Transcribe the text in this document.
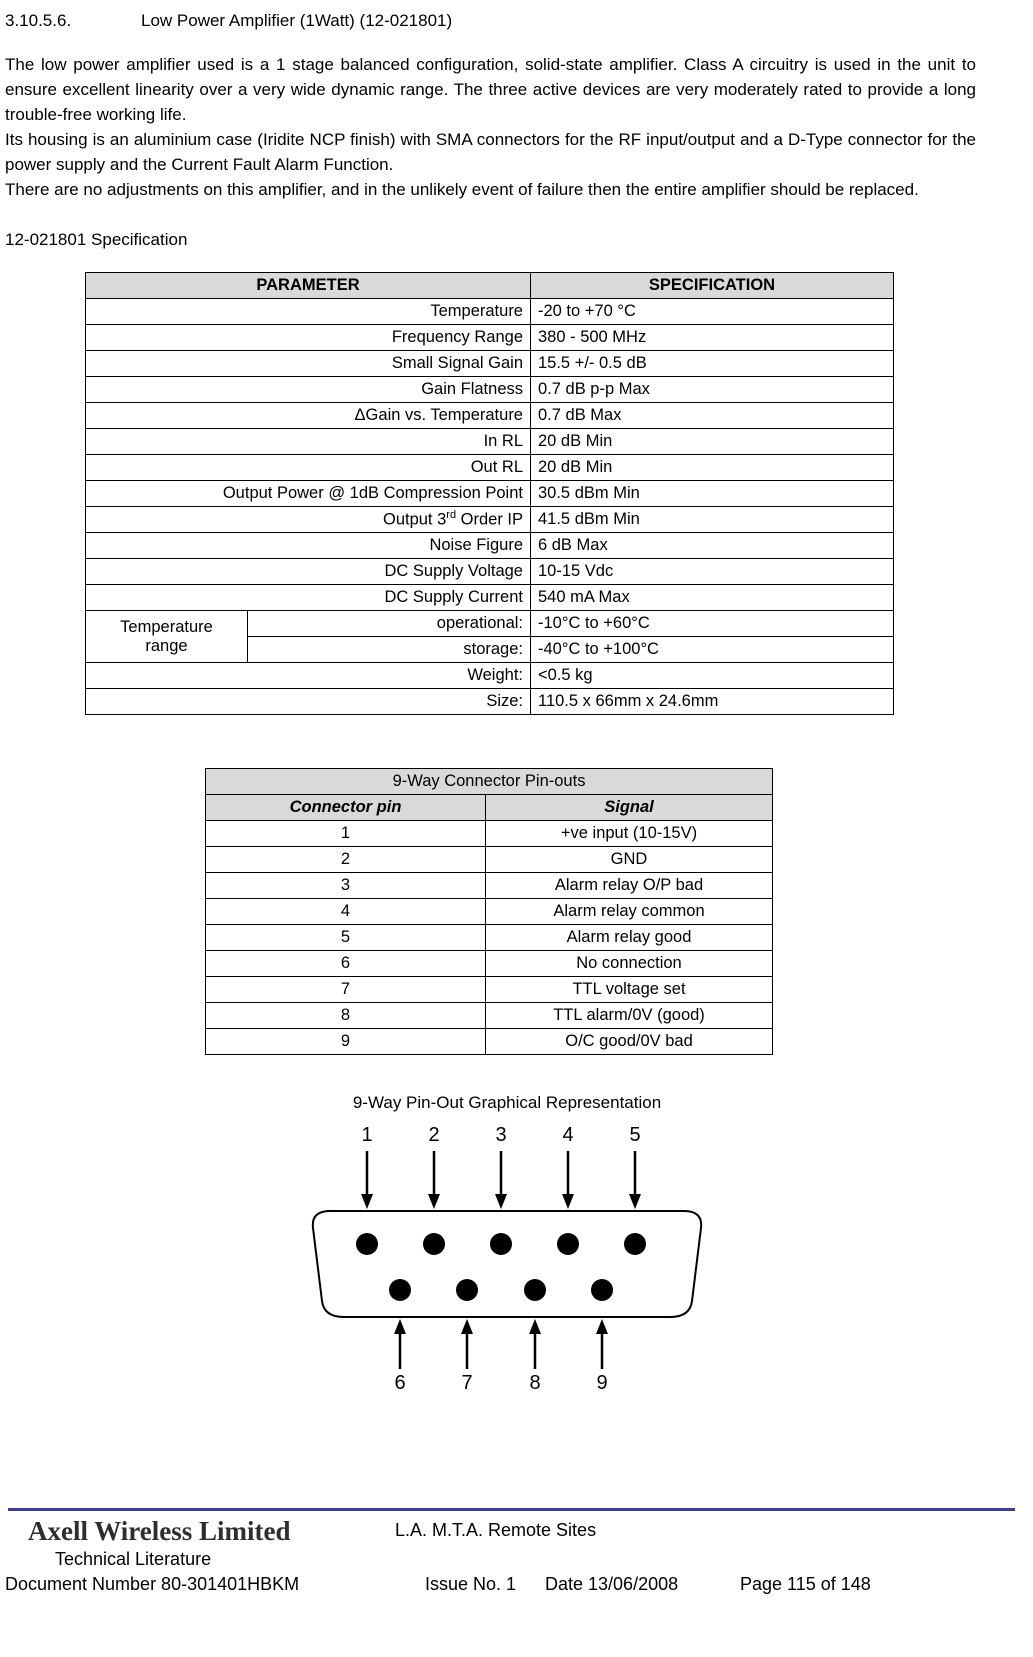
3.10.5.6.	Low Power Amplifier (1Watt) (12-021801)

The low power amplifier used is a 1 stage balanced configuration, solid-state amplifier. Class A circuitry is used in the unit to ensure excellent linearity over a very wide dynamic range. The three active devices are very moderately rated to provide a long trouble-free working life.

Its housing is an aluminium case (Iridite NCP finish) with SMA connectors for the RF input/output and a D-Type connector for the power supply and the Current Fault Alarm Function.

There are no adjustments on this amplifier, and in the unlikely event of failure then the entire amplifier should be replaced.

12-021801 Specification
PARAMETER		SPECIFICATION
Temperature		-20 to +70 °C
Frequency Range		380 - 500 MHz
Small Signal Gain		15.5 +/- 0.5 dB
Gain Flatness		0.7 dB p-p Max
ΔGain vs. Temperature		0.7 dB Max
In RL		20 dB Min
Out RL		20 dB Min
Output Power @ 1dB Compression Point		30.5 dBm Min
Output 3rd Order IP		41.5 dBm Min
Noise Figure		6 dB Max
DC Supply Voltage		10-15 Vdc
DC Supply Current		540 mA Max

Temperature
range	operational:	-10°C to +60°C
	storage:	-40°C to +100°C
Weight:		<0.5 kg
Size:		110.5 x 66mm x 24.6mm
9-Way Connector Pin-outs	
Connector pin	Signal
1	+ve input (10-15V)
2	GND
3	Alarm relay O/P bad
4	Alarm relay common
5	Alarm relay good
6	No connection
7	TTL voltage set
8	TTL alarm/0V (good)
9	O/C good/0V bad
9-Way Pin-Out Graphical Representation
1	2	3	4	5
6	7	8	9
Axell Wireless Limited	L.A. M.T.A. Remote Sites
Technical Literature
Document Number 80-301401HBKM	Issue No. 1 Date 13/06/2008	Page 115 of 148
